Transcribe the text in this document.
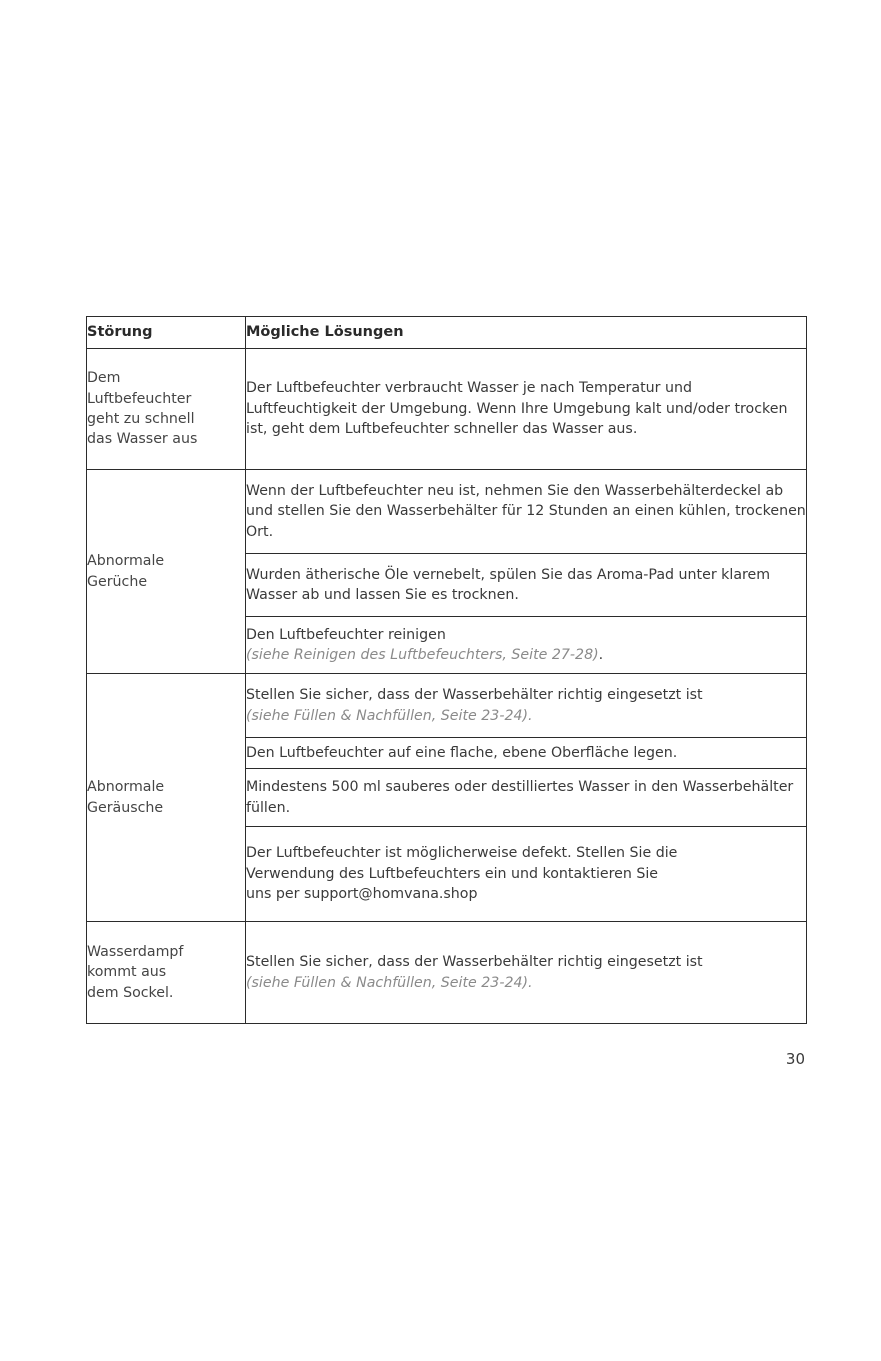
Störung	Mögliche Lösungen

Dem
Luftbefeuchter
geht zu schnell
das Wasser aus	Der Luftbefeuchter verbraucht Wasser je nach Temperatur und Luftfeuchtigkeit der Umgebung. Wenn Ihre Umgebung kalt und/oder trocken ist, geht dem Luftbefeuchter schneller das Wasser aus.

Abnormale
Gerüche	Wenn der Luftbefeuchter neu ist, nehmen Sie den Wasserbehälterdeckel ab und stellen Sie den Wasserbehälter für 12 Stunden an einen kühlen, trockenen Ort.
	Wurden ätherische Öle vernebelt, spülen Sie das Aroma-Pad unter klarem Wasser ab und lassen Sie es trocknen.

	Den Luftbefeuchter reinigen
(siehe Reinigen des Luftbefeuchters, Seite 27-28).

Abnormale
Geräusche	Stellen Sie sicher, dass der Wasserbehälter richtig eingesetzt ist
(siehe Füllen & Nachfüllen, Seite 23-24).

	Den Luftbefeuchter auf eine flache, ebene Oberfläche legen.
	Mindestens 500 ml sauberes oder destilliertes Wasser in den Wasserbehälter füllen.

	Der Luftbefeuchter ist möglicherweise defekt. Stellen Sie die
Verwendung des Luftbefeuchters ein und kontaktieren Sie
uns per support@homvana.shop

Wasserdampf
kommt aus
dem Sockel.	Stellen Sie sicher, dass der Wasserbehälter richtig eingesetzt ist
(siehe Füllen & Nachfüllen, Seite 23-24).
30
